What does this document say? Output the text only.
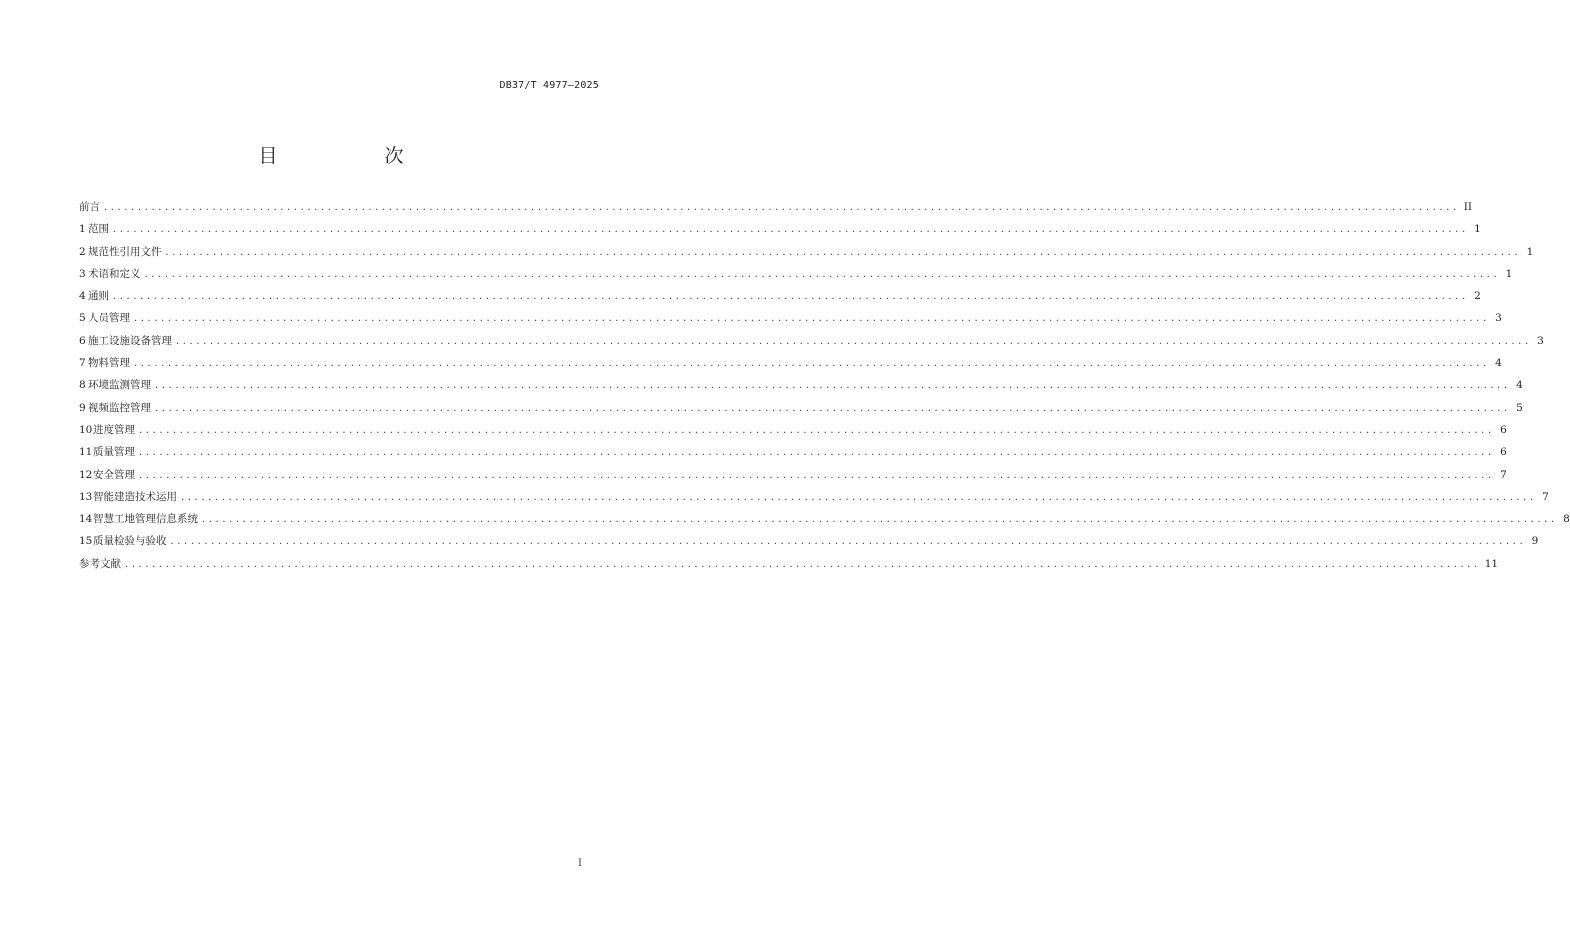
DB37/T 4977—2025
目　次
前言 ........................................................................................................................................................................................................ II
1 范围 ........................................................................................................................................................................................................ 1
2 规范性引用文件 ........................................................................................................................................................................................................ 1
3 术语和定义 ........................................................................................................................................................................................................ 1
4 通则 ........................................................................................................................................................................................................ 2
5 人员管理 ........................................................................................................................................................................................................ 3
6 施工设施设备管理 ........................................................................................................................................................................................................ 3
7 物料管理 ........................................................................................................................................................................................................ 4
8 环境监测管理 ........................................................................................................................................................................................................ 4
9 视频监控管理 ........................................................................................................................................................................................................ 5
10 进度管理 ........................................................................................................................................................................................................ 6
11 质量管理 ........................................................................................................................................................................................................ 6
12 安全管理 ........................................................................................................................................................................................................ 7
13 智能建造技术运用 ........................................................................................................................................................................................................ 7
14 智慧工地管理信息系统 ........................................................................................................................................................................................................ 8
15 质量检验与验收 ........................................................................................................................................................................................................ 9
参考文献 ........................................................................................................................................................................................................ 11
I
